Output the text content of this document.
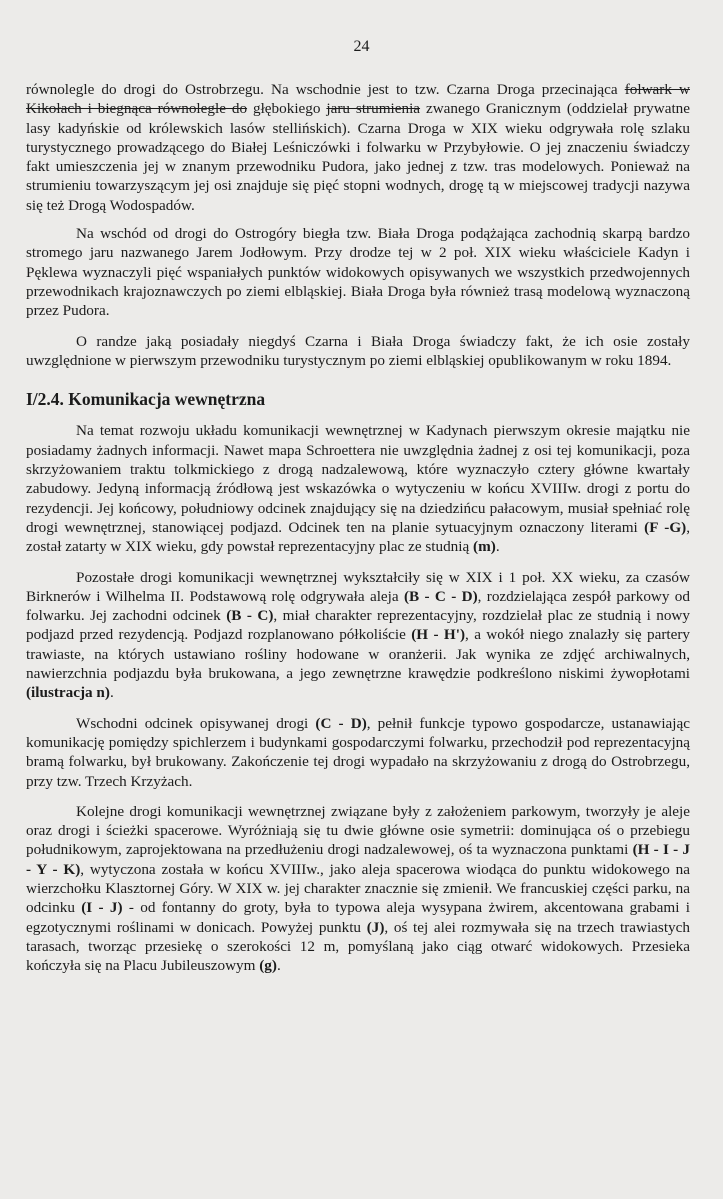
24

równolegle do drogi do Ostrobrzegu. Na wschodnie jest to tzw. Czarna Droga przecinająca folwark w Kikołach i biegnąca równolegle do głębokiego jaru strumienia zwanego Granicznym (oddzielał prywatne lasy kadyńskie od królewskich lasów stellińskich). Czarna Droga w XIX wieku odgrywała rolę szlaku turystycznego prowadzącego do Białej Leśniczówki i folwarku w Przybyłowie. O jej znaczeniu świadczy fakt umieszczenia jej w znanym przewodniku Pudora, jako jednej z tzw. tras modelowych. Ponieważ na strumieniu towarzyszącym jej osi znajduje się pięć stopni wodnych, drogę tą w miejscowej tradycji nazywa się też Drogą Wodospadów.

Na wschód od drogi do Ostrogóry biegła tzw. Biała Droga podążająca zachodnią skarpą bardzo stromego jaru nazwanego Jarem Jodłowym. Przy drodze tej w 2 poł. XIX wieku właściciele Kadyn i Pęklewa wyznaczyli pięć wspaniałych punktów widokowych opisywanych we wszystkich przedwojennych przewodnikach krajoznawczych po ziemi elbląskiej. Biała Droga była również trasą modelową wyznaczoną przez Pudora.

O randze jaką posiadały niegdyś Czarna i Biała Droga świadczy fakt, że ich osie zostały uwzględnione w pierwszym przewodniku turystycznym po ziemi elbląskiej opublikowanym w roku 1894.

I/2.4. Komunikacja wewnętrzna

Na temat rozwoju układu komunikacji wewnętrznej w Kadynach pierwszym okresie majątku nie posiadamy żadnych informacji. Nawet mapa Schroettera nie uwzględnia żadnej z osi tej komunikacji, poza skrzyżowaniem traktu tolkmickiego z drogą nadzalewową, które wyznaczyło cztery główne kwartały zabudowy. Jedyną informacją źródłową jest wskazówka o wytyczeniu w końcu XVIIIw. drogi z portu do rezydencji. Jej końcowy, południowy odcinek znajdujący się na dziedzińcu pałacowym, musiał spełniać rolę drogi wewnętrznej, stanowiącej podjazd. Odcinek ten na planie sytuacyjnym oznaczony literami (F -G), został zatarty w XIX wieku, gdy powstał reprezentacyjny plac ze studnią (m).

Pozostałe drogi komunikacji wewnętrznej wykształciły się w XIX i 1 poł. XX wieku, za czasów Birknerów i Wilhelma II. Podstawową rolę odgrywała aleja (B - C - D), rozdzielająca zespół parkowy od folwarku. Jej zachodni odcinek (B - C), miał charakter reprezentacyjny, rozdzielał plac ze studnią i nowy podjazd przed rezydencją. Podjazd rozplanowano półkoliście (H - H'), a wokół niego znalazły się partery trawiaste, na których ustawiano rośliny hodowane w oranżerii. Jak wynika ze zdjęć archiwalnych, nawierzchnia podjazdu była brukowana, a jego zewnętrzne krawędzie podkreślono niskimi żywopłotami (ilustracja n).

Wschodni odcinek opisywanej drogi (C - D), pełnił funkcje typowo gospodarcze, ustanawiając komunikację pomiędzy spichlerzem i budynkami gospodarczymi folwarku, przechodził pod reprezentacyjną bramą folwarku, był brukowany. Zakończenie tej drogi wypadało na skrzyżowaniu z drogą do Ostrobrzegu, przy tzw. Trzech Krzyżach.

Kolejne drogi komunikacji wewnętrznej związane były z założeniem parkowym, tworzyły je aleje oraz drogi i ścieżki spacerowe. Wyróżniają się tu dwie główne osie symetrii: dominująca oś o przebiegu południkowym, zaprojektowana na przedłużeniu drogi nadzalewowej, oś ta wyznaczona punktami (H - I - J - Y - K), wytyczona została w końcu XVIIIw., jako aleja spacerowa wiodąca do punktu widokowego na wierzchołku Klasztornej Góry. W XIX w. jej charakter znacznie się zmienił. We francuskiej części parku, na odcinku (I - J) - od fontanny do groty, była to typowa aleja wysypana żwirem, akcentowana grabami i egzotycznymi roślinami w donicach. Powyżej punktu (J), oś tej alei rozmywała się na trzech trawiastych tarasach, tworząc przesiekę o szerokości 12 m, pomyślaną jako ciąg otwarć widokowych. Przesieka kończyła się na Placu Jubileuszowym (g).
